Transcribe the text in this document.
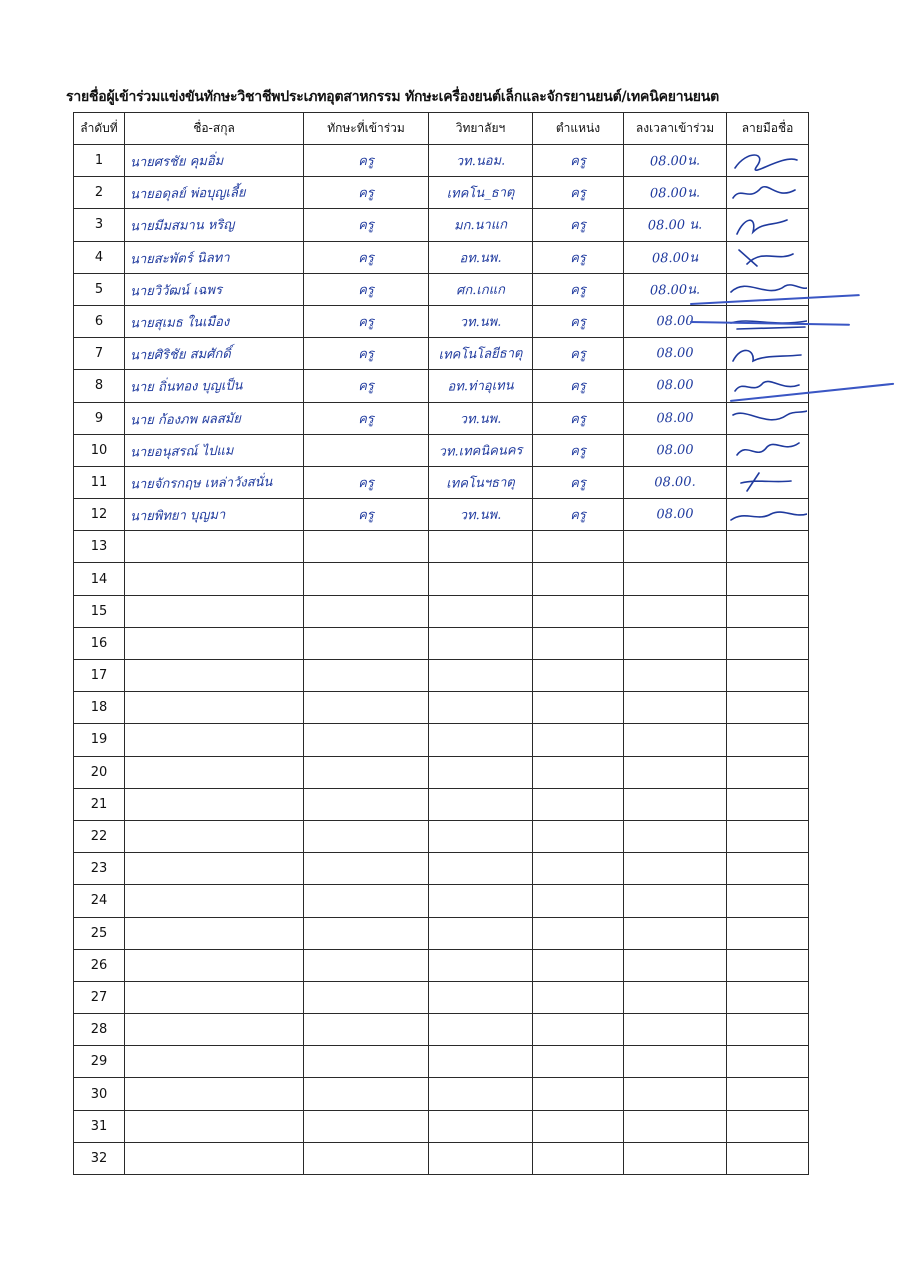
รายชื่อผู้เข้าร่วมแข่งขันทักษะวิชาชีพประเภทอุตสาหกรรม ทักษะเครื่องยนต์เล็กและจักรยานยนต์/เทคนิคยานยนต
ลำดับที่	ชื่อ-สกุล	ทักษะที่เข้าร่วม	วิทยาลัยฯ	ตำแหน่ง	ลงเวลาเข้าร่วม	ลายมือชื่อ
1	นายศรชัย คุมอิ่ม	ครู	วท.นอม.	ครู	08.00น.

2	นายอดุลย์ พ่อบุญเลี้ย	ครู	เทคโน_ธาตุ	ครู	08.00น.

3	นายมีมสมาน หริญ	ครู	มก.นาแก	ครู	08.00 น.

4	นายสะพัตร์ นิลทา	ครู	อท.นพ.	ครู	08.00น

5	นายวิวัฒน์ เฉพร	ครู	ศก.เกแก	ครู	08.00น.

6	นายสุเมธ ในเมือง	ครู	วท.นพ.	ครู	08.00

7	นายศิริชัย สมศักดิ์	ครู	เทคโนโลยีธาตุ	ครู	08.00

8	นาย ถิ่นทอง บุญเป็น	ครู	อท.ท่าอุเทน	ครู	08.00

9	นาย ก้องภพ ผลสมัย	ครู	วท.นพ.	ครู	08.00

10	นายอนุสรณ์ ไปแม		วท.เทคนิคนคร	ครู	08.00

11	นายจักรกฤษ เหล่าวังสนั่น	ครู	เทคโนฯธาตุ	ครู	08.00.

12	นายพิทยา บุญมา	ครู	วท.นพ.	ครู	08.00

13	

14	

15	

16	

17	

18	

19	

20	

21	

22	

23	

24	

25	

26	

27	

28	

29	

30	

31	

32	
